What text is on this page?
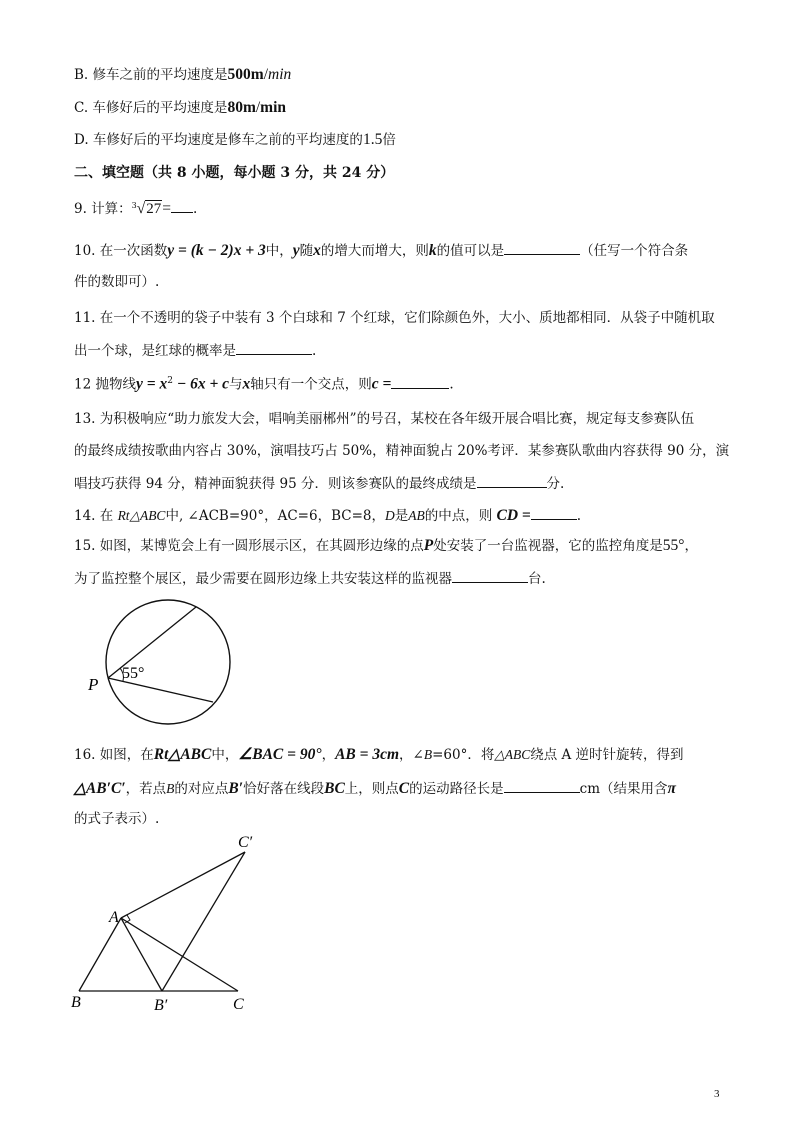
B. 修车之前的平均速度是500m/min
C. 车修好后的平均速度是80m/min
D. 车修好后的平均速度是修车之前的平均速度的1.5倍
二、填空题（共 8 小题，每小题 3 分，共 24 分）
9. 计算：$^3$√27= .
10. 在一次函数y = (k − 2)x + 3中，y随x的增大而增大，则k的值可以是	（任写一个符合条
件的数即可）.
11. 在一个不透明的袋子中装有 3 个白球和 7 个红球，它们除颜色外，大小、质地都相同．从袋子中随机取
出一个球，是红球的概率是	.
12 抛物线$y = x^2 - 6x + c$与x轴只有一个交点，则c =	.
13. 为积极响应“助力旅发大会，唱响美丽郴州”的号召，某校在各年级开展合唱比赛，规定每支参赛队伍
的最终成绩按歌曲内容占 30%，演唱技巧占 50%，精神面貌占 20%考评．某参赛队歌曲内容获得 90 分，演
唱技巧获得 94 分，精神面貌获得 95 分．则该参赛队的最终成绩是	分.
14. 在 Rt△ABC中, ∠ACB=90°，AC=6，BC=8，D是AB的中点，则 CD =	.
15. 如图，某博览会上有一圆形展示区，在其圆形边缘的点P处安装了一台监视器，它的监控角度是55°，
为了监控整个展区，最少需要在圆形边缘上共安装这样的监视器	台.
P
55°
16. 如图，在Rt△ABC中，∠BAC = 90°，AB = 3cm，∠B=60°．将△ABC绕点 A 逆时针旋转，得到
△AB′C′，若点B的对应点B′恰好落在线段BC上，则点C的运动路径长是	cm（结果用含π
的式子表示）.
A
B	B′	C
C′
3
